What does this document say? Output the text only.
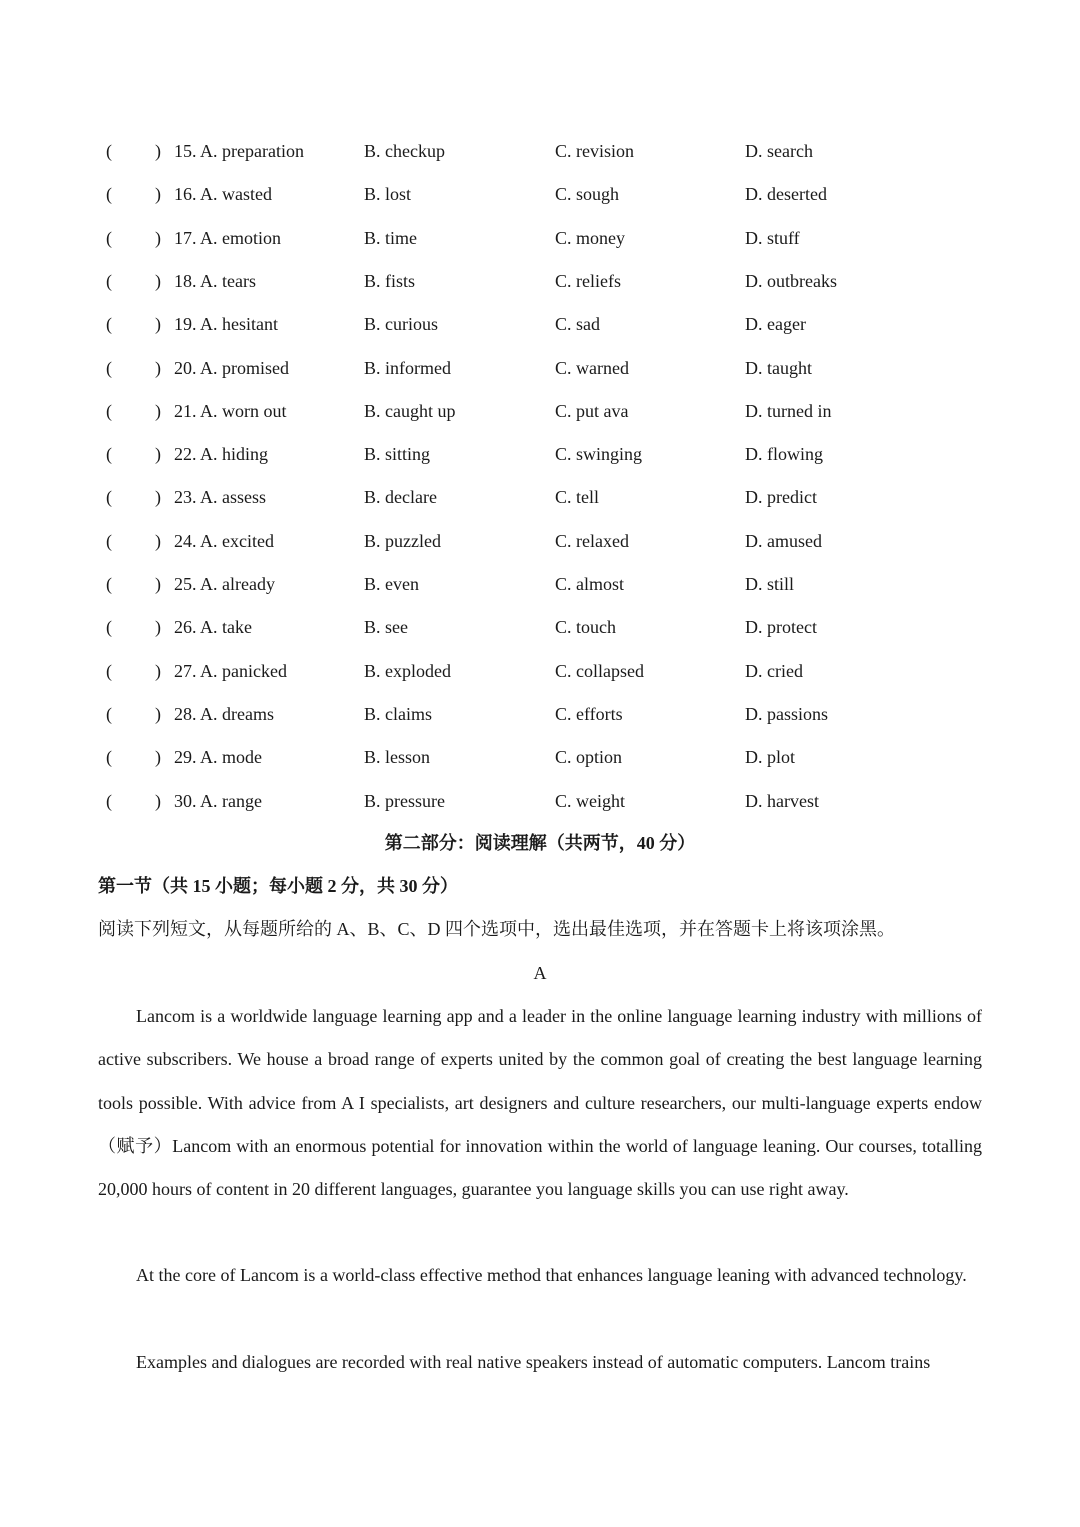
( ) 15. A. preparation	B. checkup	C. revision	D. search
( ) 16. A. wasted	B. lost	C. sough	D. deserted
( ) 17. A. emotion	B. time	C. money	D. stuff
( ) 18. A. tears	B. fists	C. reliefs	D. outbreaks
( ) 19. A. hesitant	B. curious	C. sad	D. eager
( ) 20. A. promised	B. informed	C. warned	D. taught
( ) 21. A. worn out	B. caught up	C. put ava	D. turned in
( ) 22. A. hiding	B. sitting	C. swinging	D. flowing
( ) 23. A. assess	B. declare	C. tell	D. predict
( ) 24. A. excited	B. puzzled	C. relaxed	D. amused
( ) 25. A. already	B. even	C. almost	D. still
( ) 26. A. take	B. see	C. touch	D. protect
( ) 27. A. panicked	B. exploded	C. collapsed	D. cried
( ) 28. A. dreams	B. claims	C. efforts	D. passions
( ) 29. A. mode	B. lesson	C. option	D. plot
( ) 30. A. range	B. pressure	C. weight	D. harvest
第二部分：阅读理解（共两节，40 分）
第一节（共 15 小题；每小题 2 分，共 30 分）
阅读下列短文，从每题所给的 A、B、C、D 四个选项中，选出最佳选项，并在答题卡上将该项涂黑。
A

Lancom is a worldwide language learning app and a leader in the online language learning industry with millions of active subscribers. We house a broad range of experts united by the common goal of creating the best language learning tools possible. With advice from A I specialists, art designers and culture researchers, our multi-language experts endow（赋予）Lancom with an enormous potential for innovation within the world of language leaning. Our courses, totalling 20,000 hours of content in 20 different languages, guarantee you language skills you can use right away.

At the core of Lancom is a world-class effective method that enhances language leaning with advanced technology.

Examples and dialogues are recorded with real native speakers instead of automatic computers. Lancom trains
